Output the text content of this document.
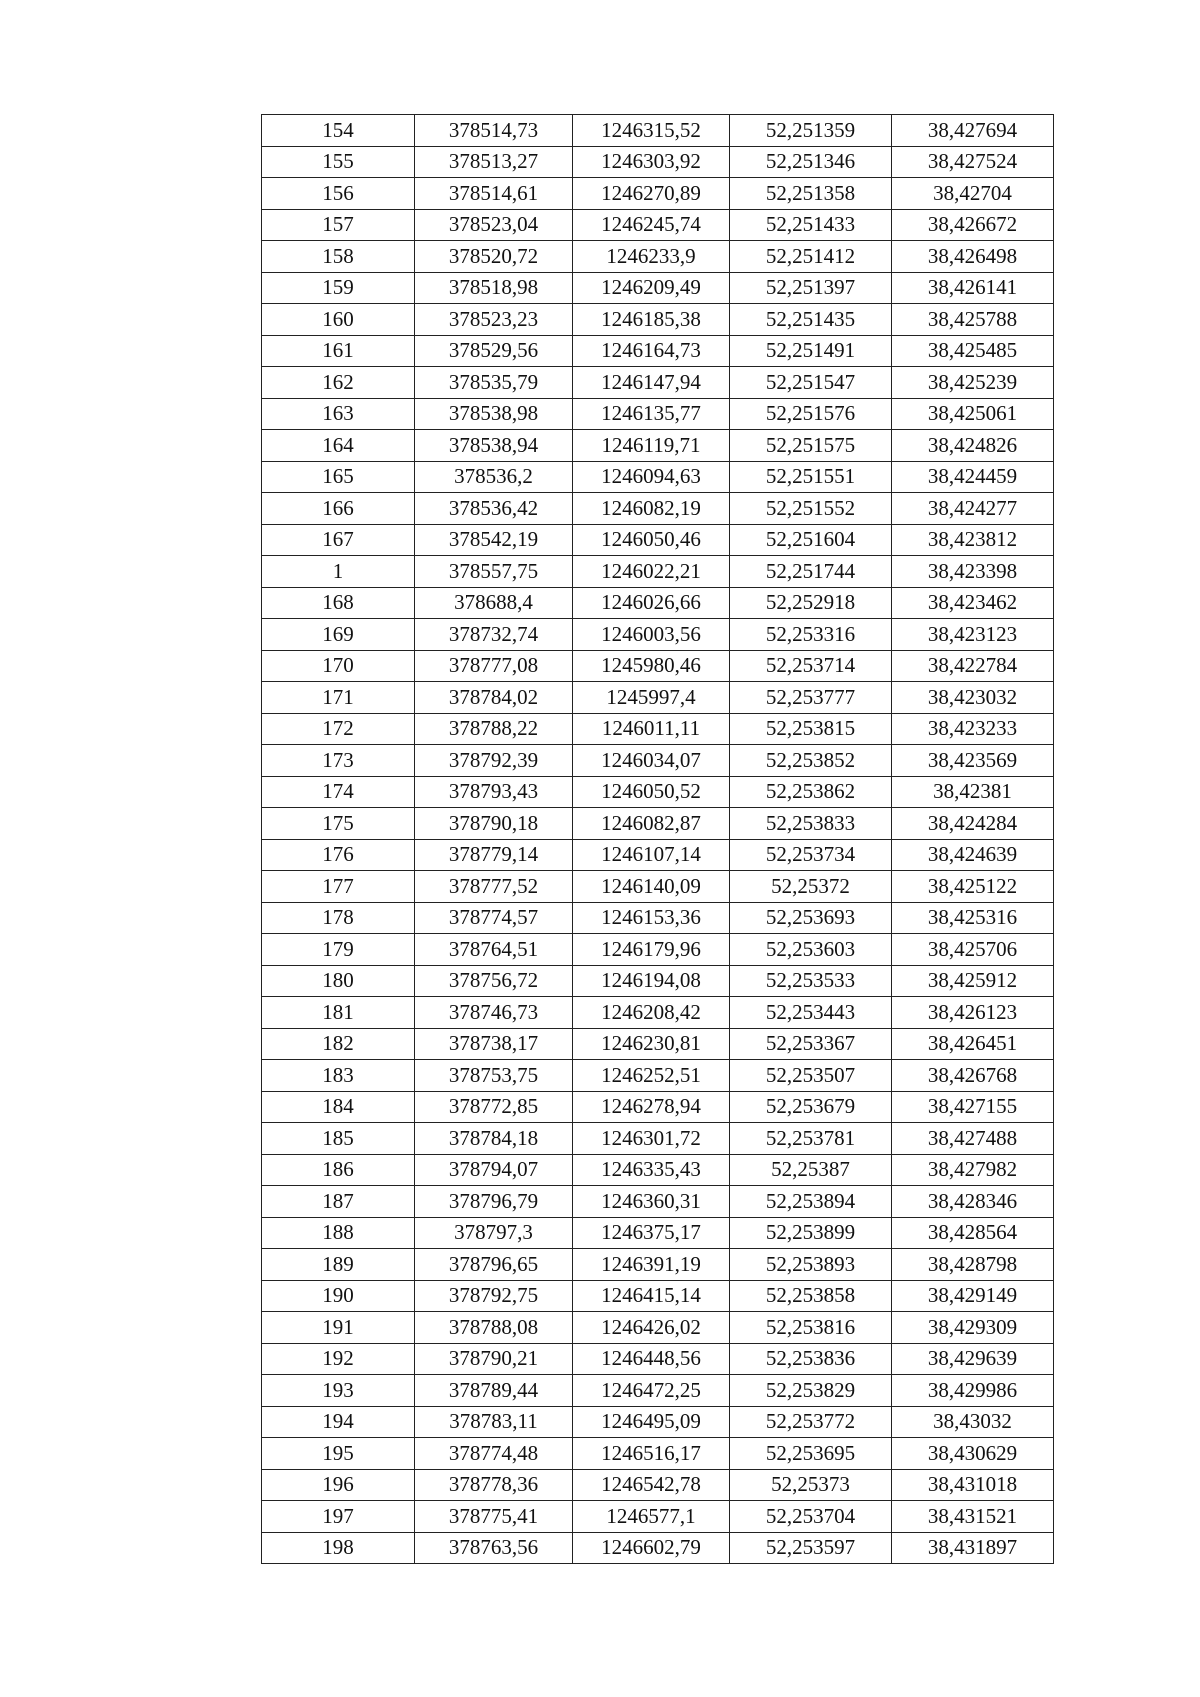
154	378514,73	1246315,52	52,251359	38,427694
155	378513,27	1246303,92	52,251346	38,427524
156	378514,61	1246270,89	52,251358	38,42704
157	378523,04	1246245,74	52,251433	38,426672
158	378520,72	1246233,9	52,251412	38,426498
159	378518,98	1246209,49	52,251397	38,426141
160	378523,23	1246185,38	52,251435	38,425788
161	378529,56	1246164,73	52,251491	38,425485
162	378535,79	1246147,94	52,251547	38,425239
163	378538,98	1246135,77	52,251576	38,425061
164	378538,94	1246119,71	52,251575	38,424826
165	378536,2	1246094,63	52,251551	38,424459
166	378536,42	1246082,19	52,251552	38,424277
167	378542,19	1246050,46	52,251604	38,423812
1	378557,75	1246022,21	52,251744	38,423398
168	378688,4	1246026,66	52,252918	38,423462
169	378732,74	1246003,56	52,253316	38,423123
170	378777,08	1245980,46	52,253714	38,422784
171	378784,02	1245997,4	52,253777	38,423032
172	378788,22	1246011,11	52,253815	38,423233
173	378792,39	1246034,07	52,253852	38,423569
174	378793,43	1246050,52	52,253862	38,42381
175	378790,18	1246082,87	52,253833	38,424284
176	378779,14	1246107,14	52,253734	38,424639
177	378777,52	1246140,09	52,25372	38,425122
178	378774,57	1246153,36	52,253693	38,425316
179	378764,51	1246179,96	52,253603	38,425706
180	378756,72	1246194,08	52,253533	38,425912
181	378746,73	1246208,42	52,253443	38,426123
182	378738,17	1246230,81	52,253367	38,426451
183	378753,75	1246252,51	52,253507	38,426768
184	378772,85	1246278,94	52,253679	38,427155
185	378784,18	1246301,72	52,253781	38,427488
186	378794,07	1246335,43	52,25387	38,427982
187	378796,79	1246360,31	52,253894	38,428346
188	378797,3	1246375,17	52,253899	38,428564
189	378796,65	1246391,19	52,253893	38,428798
190	378792,75	1246415,14	52,253858	38,429149
191	378788,08	1246426,02	52,253816	38,429309
192	378790,21	1246448,56	52,253836	38,429639
193	378789,44	1246472,25	52,253829	38,429986
194	378783,11	1246495,09	52,253772	38,43032
195	378774,48	1246516,17	52,253695	38,430629
196	378778,36	1246542,78	52,25373	38,431018
197	378775,41	1246577,1	52,253704	38,431521
198	378763,56	1246602,79	52,253597	38,431897
